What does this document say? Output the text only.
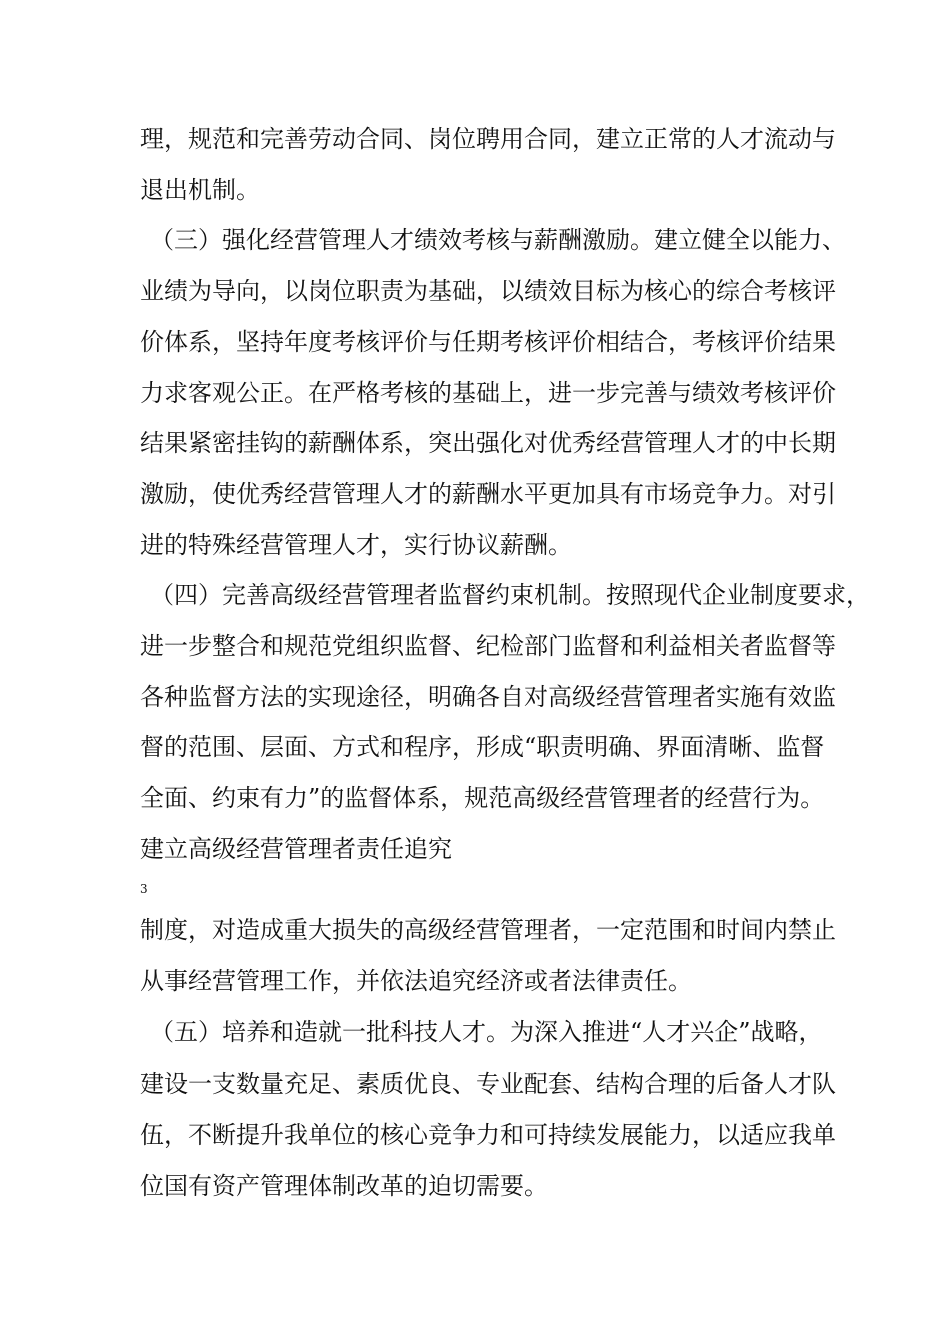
理，规范和完善劳动合同、岗位聘用合同，建立正常的人才流动与
退出机制。
（三）强化经营管理人才绩效考核与薪酬激励。建立健全以能力、
业绩为导向，以岗位职责为基础，以绩效目标为核心的综合考核评
价体系，坚持年度考核评价与任期考核评价相结合，考核评价结果
力求客观公正。在严格考核的基础上，进一步完善与绩效考核评价
结果紧密挂钩的薪酬体系，突出强化对优秀经营管理人才的中长期
激励，使优秀经营管理人才的薪酬水平更加具有市场竞争力。对引
进的特殊经营管理人才，实行协议薪酬。
（四）完善高级经营管理者监督约束机制。按照现代企业制度要求，
进一步整合和规范党组织监督、纪检部门监督和利益相关者监督等
各种监督方法的实现途径，明确各自对高级经营管理者实施有效监
督的范围、层面、方式和程序，形成“职责明确、界面清晰、监督
全面、约束有力”的监督体系，规范高级经营管理者的经营行为。
建立高级经营管理者责任追究
3
制度，对造成重大损失的高级经营管理者，一定范围和时间内禁止
从事经营管理工作，并依法追究经济或者法律责任。
（五）培养和造就一批科技人才。为深入推进“人才兴企”战略，
建设一支数量充足、素质优良、专业配套、结构合理的后备人才队
伍，不断提升我单位的核心竞争力和可持续发展能力，以适应我单
位国有资产管理体制改革的迫切需要。
